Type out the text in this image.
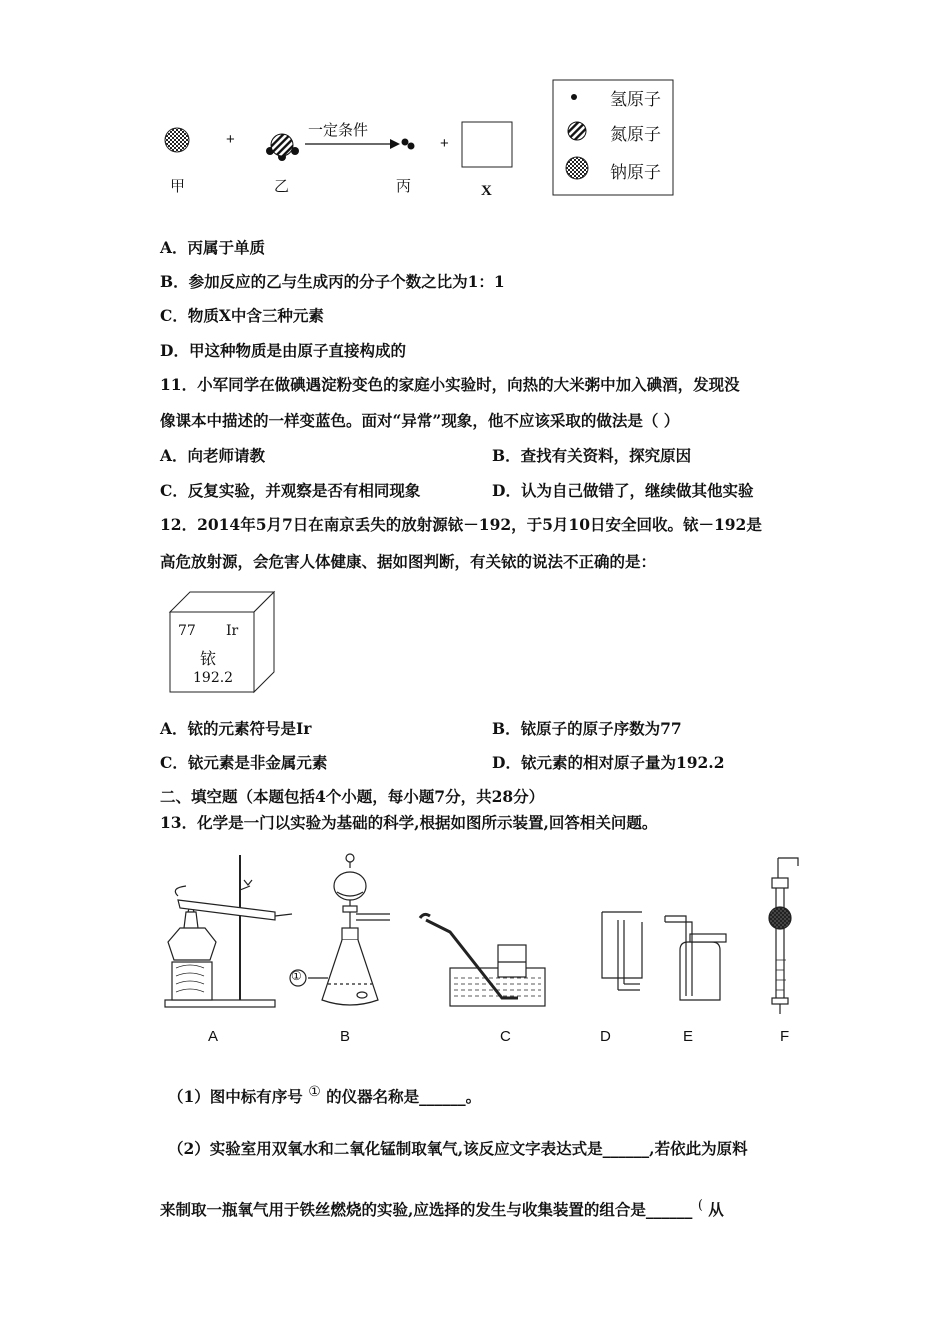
+	+
一定条件
甲	乙	丙	X
氢原子
氮原子
钠原子
A．丙属于单质
B．参加反应的乙与生成丙的分子个数之比为1：1
C．物质X中含三种元素
D．甲这种物质是由原子直接构成的
11．小军同学在做碘遇淀粉变色的家庭小实验时，向热的大米粥中加入碘酒，发现没
像课本中描述的一样变蓝色。面对“异常”现象，他不应该采取的做法是（ ）
A．向老师请教	B．查找有关资料，探究原因
C．反复实验，并观察是否有相同现象	D．认为自己做错了，继续做其他实验
12．2014年5月7日在南京丢失的放射源铱－192，于5月10日安全回收。铱－192是
高危放射源，会危害人体健康、据如图判断，有关铱的说法不正确的是：
77 Ir
铱
192.2
A．铱的元素符号是Ir	B．铱原子的原子序数为77
C．铱元素是非金属元素	D．铱元素的相对原子量为192.2
二、填空题（本题包括4个小题，每小题7分，共28分）
13．化学是一门以实验为基础的科学,根据如图所示装置,回答相关问题。
①
A	B	C	D	E	F
（1）图中标有序号 ① 的仪器名称是______。
（2）实验室用双氧水和二氧化锰制取氧气,该反应文字表达式是______,若依此为原料
来制取一瓶氧气用于铁丝燃烧的实验,应选择的发生与收集装置的组合是______ ( 从
